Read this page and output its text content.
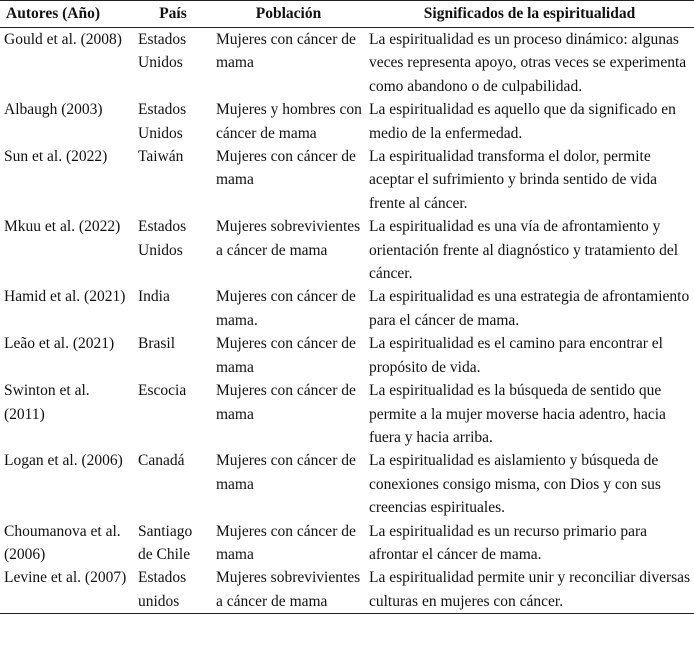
Autores (Año)	País	Población	Significados de la espiritualidad
Gould et al. (2008)	Estados Unidos	Mujeres con cáncer de mama	La espiritualidad es un proceso dinámico: algunas veces representa apoyo, otras veces se experimenta como abandono o de culpabilidad.
Albaugh (2003)	Estados Unidos	Mujeres y hombres con cáncer de mama	La espiritualidad es aquello que da significado en medio de la enfermedad.
Sun et al. (2022)	Taiwán	Mujeres con cáncer de mama	La espiritualidad transforma el dolor, permite aceptar el sufrimiento y brinda sentido de vida frente al cáncer.
Mkuu et al. (2022)	Estados Unidos	Mujeres sobrevivientes a cáncer de mama	La espiritualidad es una vía de afrontamiento y orientación frente al diagnóstico y tratamiento del cáncer.
Hamid et al. (2021)	India	Mujeres con cáncer de mama.	La espiritualidad es una estrategia de afrontamiento para el cáncer de mama.
Leão et al. (2021)	Brasil	Mujeres con cáncer de mama	La espiritualidad es el camino para encontrar el propósito de vida.
Swinton et al. (2011)	Escocia	Mujeres con cáncer de mama	La espiritualidad es la búsqueda de sentido que permite a la mujer moverse hacia adentro, hacia fuera y hacia arriba.
Logan et al. (2006)	Canadá	Mujeres con cáncer de mama	La espiritualidad es aislamiento y búsqueda de conexiones consigo misma, con Dios y con sus creencias espirituales.
Choumanova et al. (2006)	Santiago de Chile	Mujeres con cáncer de mama	La espiritualidad es un recurso primario para afrontar el cáncer de mama.
Levine et al. (2007)	Estados unidos	Mujeres sobrevivientes a cáncer de mama	La espiritualidad permite unir y reconciliar diversas culturas en mujeres con cáncer.
